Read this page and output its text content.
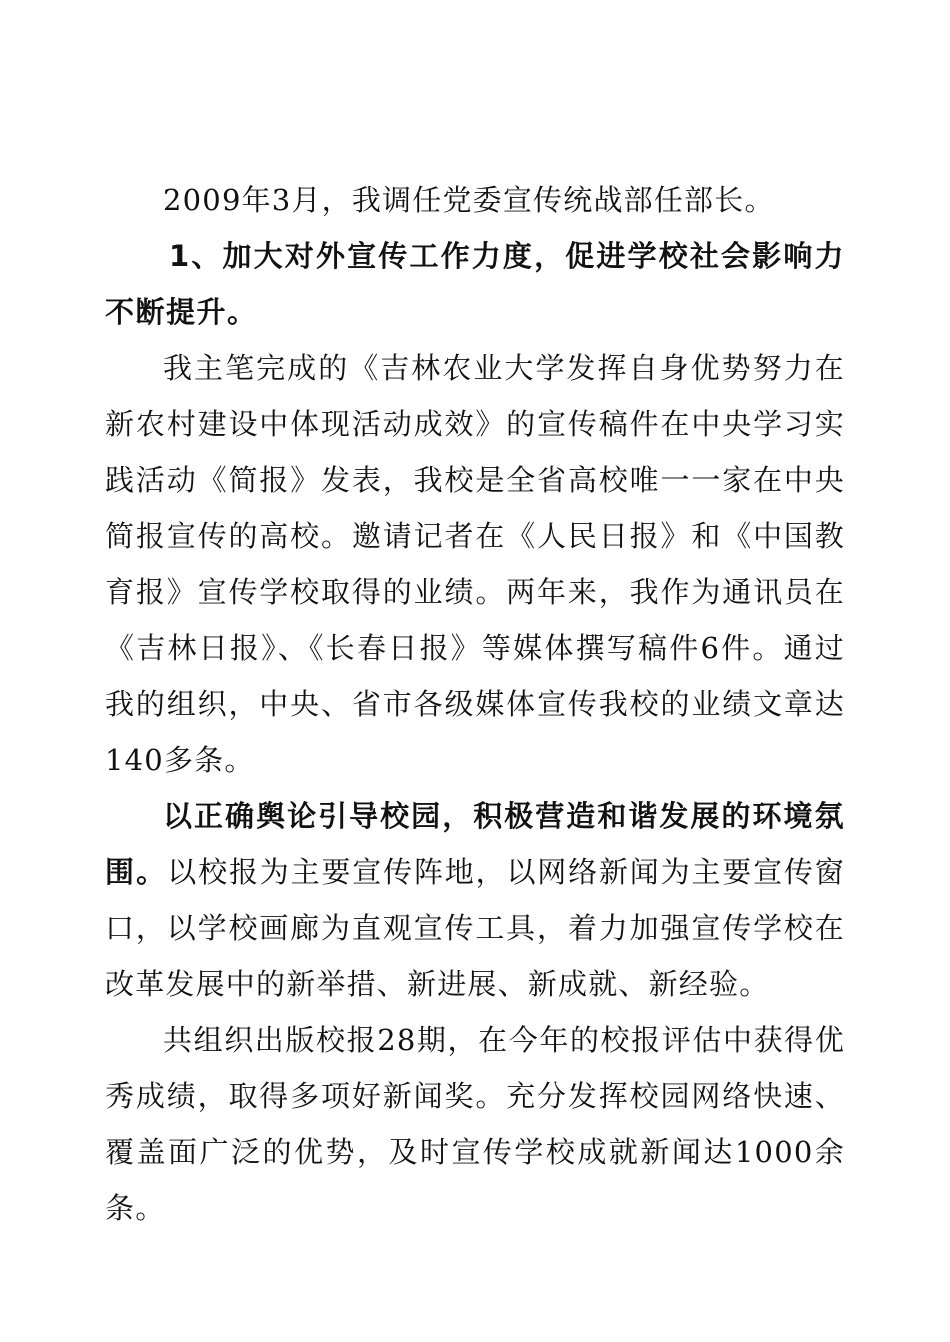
2009年3月，我调任党委宣传统战部任部长。

1、加大对外宣传工作力度，促进学校社会影响力不断提升。

我主笔完成的《吉林农业大学发挥自身优势努力在新农村建设中体现活动成效》的宣传稿件在中央学习实践活动《简报》发表，我校是全省高校唯一一家在中央简报宣传的高校。邀请记者在《人民日报》和《中国教育报》宣传学校取得的业绩。两年来，我作为通讯员在《吉林日报》、《长春日报》等媒体撰写稿件6件。通过我的组织，中央、省市各级媒体宣传我校的业绩文章达140多条。

以正确舆论引导校园，积极营造和谐发展的环境氛围。以校报为主要宣传阵地，以网络新闻为主要宣传窗口，以学校画廊为直观宣传工具，着力加强宣传学校在改革发展中的新举措、新进展、新成就、新经验。

共组织出版校报28期，在今年的校报评估中获得优秀成绩，取得多项好新闻奖。充分发挥校园网络快速、覆盖面广泛的优势，及时宣传学校成就新闻达1000余条。
